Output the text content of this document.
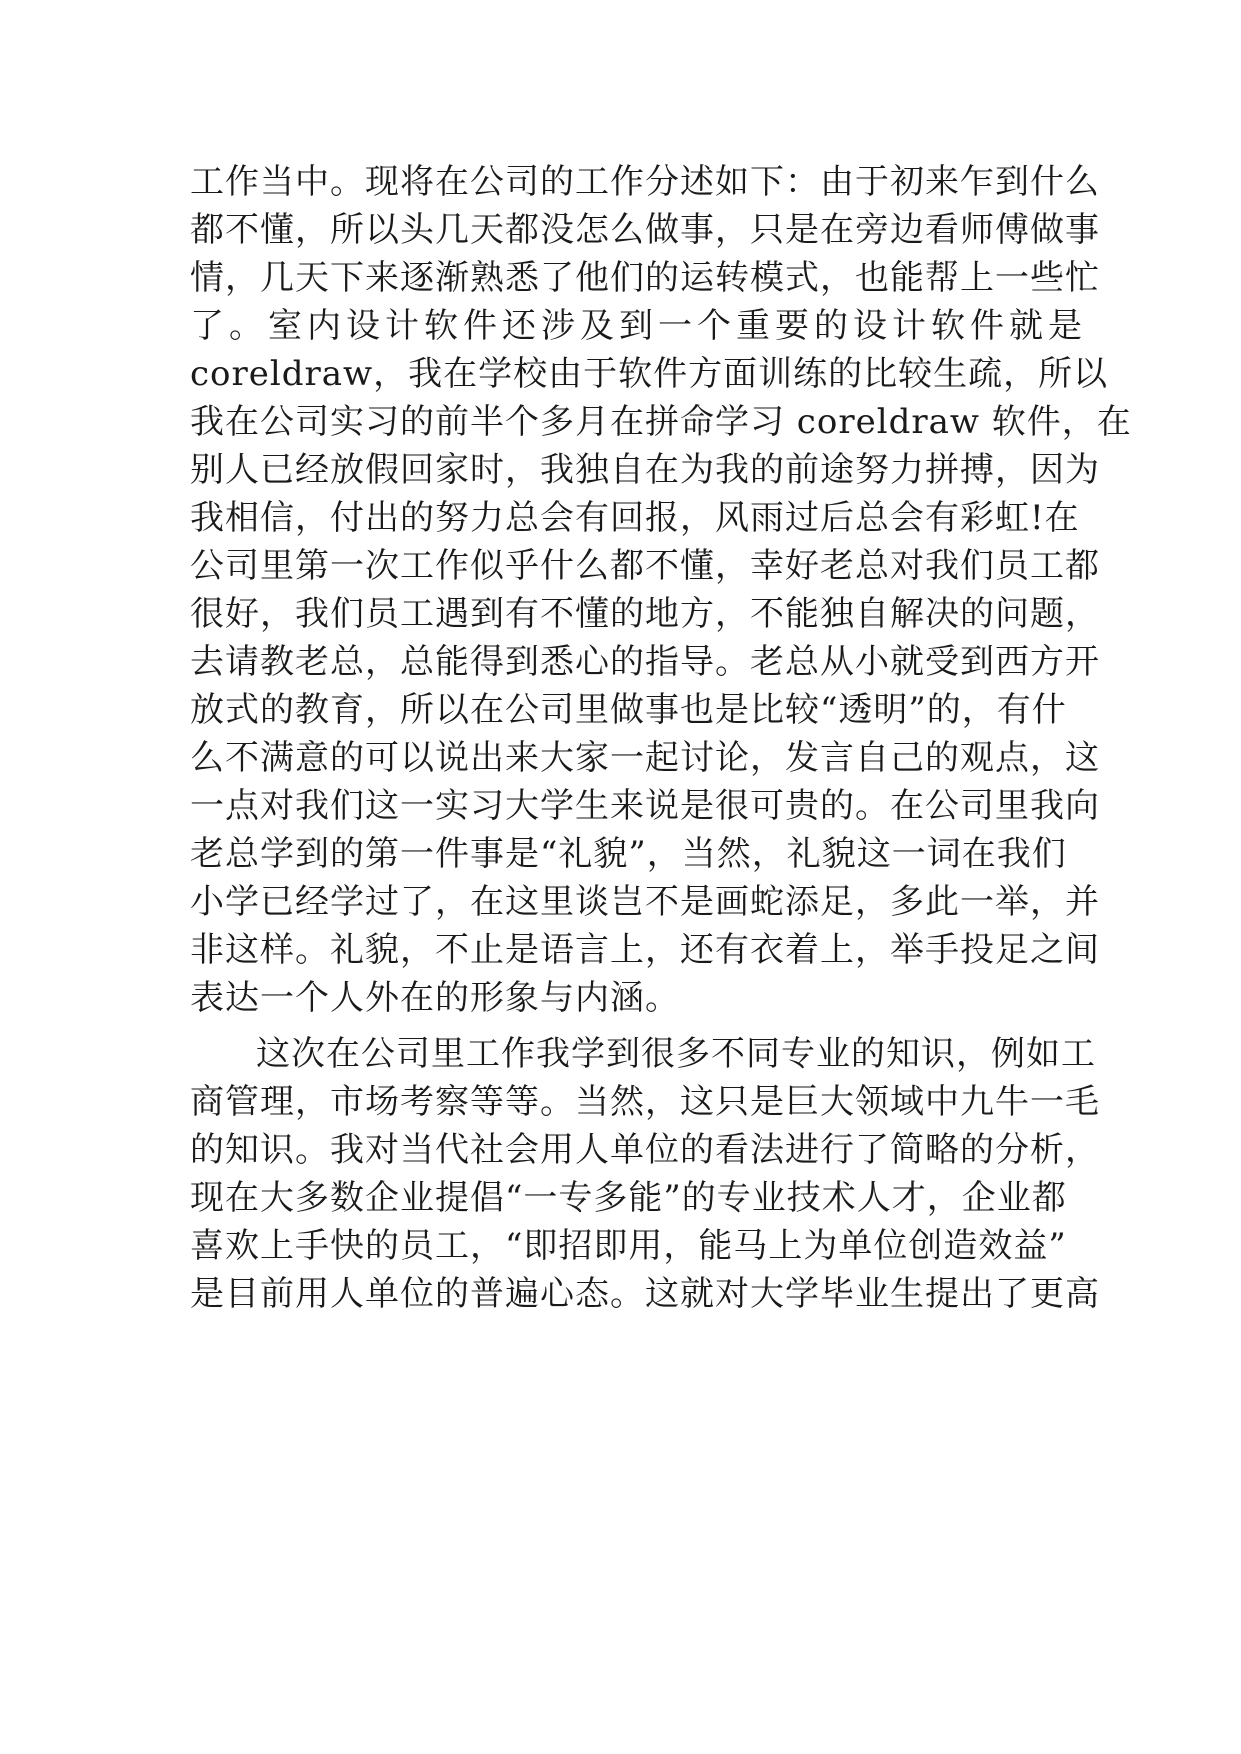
工作当中。现将在公司的工作分述如下：由于初来乍到什么
都不懂，所以头几天都没怎么做事，只是在旁边看师傅做事
情，几天下来逐渐熟悉了他们的运转模式，也能帮上一些忙
了。室内设计软件还涉及到一个重要的设计软件就是
coreldraw，我在学校由于软件方面训练的比较生疏，所以
我在公司实习的前半个多月在拼命学习 coreldraw 软件，在
别人已经放假回家时，我独自在为我的前途努力拼搏，因为
我相信，付出的努力总会有回报，风雨过后总会有彩虹!在
公司里第一次工作似乎什么都不懂，幸好老总对我们员工都
很好，我们员工遇到有不懂的地方，不能独自解决的问题，
去请教老总，总能得到悉心的指导。老总从小就受到西方开
放式的教育，所以在公司里做事也是比较“透明”的，有什
么不满意的可以说出来大家一起讨论，发言自己的观点，这
一点对我们这一实习大学生来说是很可贵的。在公司里我向
老总学到的第一件事是“礼貌”，当然，礼貌这一词在我们
小学已经学过了，在这里谈岂不是画蛇添足，多此一举，并
非这样。礼貌，不止是语言上，还有衣着上，举手投足之间
表达一个人外在的形象与内涵。
这次在公司里工作我学到很多不同专业的知识，例如工
商管理，市场考察等等。当然，这只是巨大领域中九牛一毛
的知识。我对当代社会用人单位的看法进行了简略的分析，
现在大多数企业提倡“一专多能”的专业技术人才，企业都
喜欢上手快的员工，“即招即用，能马上为单位创造效益”
是目前用人单位的普遍心态。这就对大学毕业生提出了更高
